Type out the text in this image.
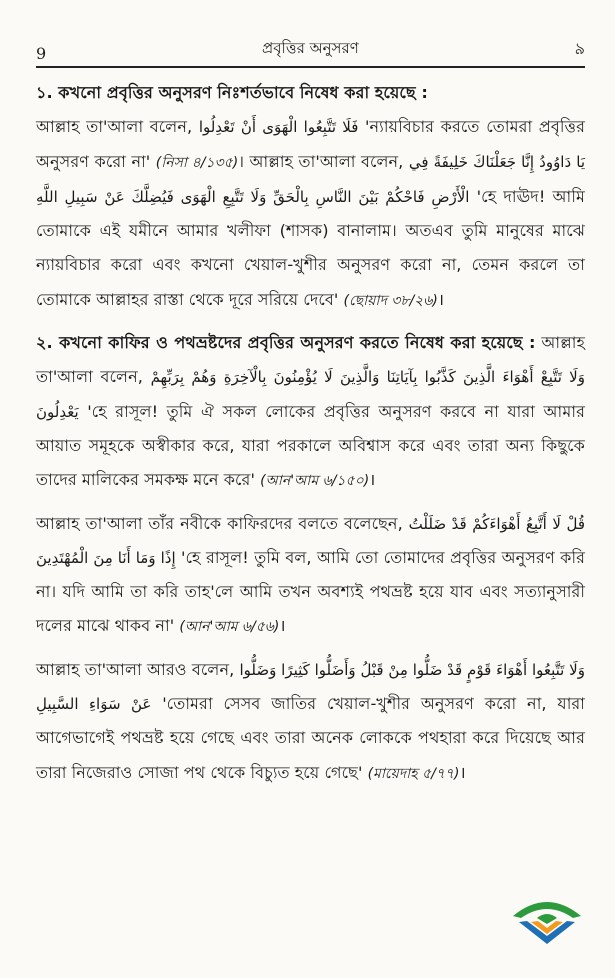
9	প্রবৃত্তির অনুসরণ	৯
১. কখনো প্রবৃত্তির অনুসরণ নিঃশর্তভাবে নিষেধ করা হয়েছে :

আল্লাহ তা'আলা বলেন, فَلَا تَتَّبِعُوا الْهَوَى أَنْ تَعْدِلُوا 'ন্যায়বিচার করতে তোমরা প্রবৃত্তির অনুসরণ করো না' (নিসা ৪/১৩৫)। আল্লাহ তা'আলা বলেন, يَا دَاوُودُ إِنَّا جَعَلْنَاكَ خَلِيفَةً فِي الْأَرْضِ فَاحْكُمْ بَيْنَ النَّاسِ بِالْحَقِّ وَلَا تَتَّبِعِ الْهَوَى فَيُضِلَّكَ عَنْ سَبِيلِ اللَّهِ 'হে দাঊদ! আমি তোমাকে এই যমীনে আমার খলীফা (শাসক) বানালাম। অতএব তুমি মানুষের মাঝে ন্যায়বিচার করো এবং কখনো খেয়াল-খুশীর অনুসরণ করো না, তেমন করলে তা তোমাকে আল্লাহর রাস্তা থেকে দূরে সরিয়ে দেবে' (ছোয়াদ ৩৮/২৬)।

২. কখনো কাফির ও পথভ্রষ্টদের প্রবৃত্তির অনুসরণ করতে নিষেধ করা হয়েছে : আল্লাহ তা'আলা বলেন, وَلَا تَتَّبِعْ أَهْوَاءَ الَّذِينَ كَذَّبُوا بِآيَاتِنَا وَالَّذِينَ لَا يُؤْمِنُونَ بِالْآخِرَةِ وَهُمْ بِرَبِّهِمْ يَعْدِلُونَ 'হে রাসূল! তুমি ঐ সকল লোকের প্রবৃত্তির অনুসরণ করবে না যারা আমার আয়াত সমূহকে অস্বীকার করে, যারা পরকালে অবিশ্বাস করে এবং তারা অন্য কিছুকে তাদের মালিকের সমকক্ষ মনে করে' (আন'আম ৬/১৫০)।

আল্লাহ তা'আলা তাঁর নবীকে কাফিরদের বলতে বলেছেন, قُلْ لَا أَتَّبِعُ أَهْوَاءَكُمْ قَدْ ضَلَلْتُ إِذًا وَمَا أَنَا مِنَ الْمُهْتَدِينَ 'হে রাসূল! তুমি বল, আমি তো তোমাদের প্রবৃত্তির অনুসরণ করি না। যদি আমি তা করি তাহ'লে আমি তখন অবশ্যই পথভ্রষ্ট হয়ে যাব এবং সত্যানুসারী দলের মাঝে থাকব না' (আন'আম ৬/৫৬)।

আল্লাহ তা'আলা আরও বলেন, وَلَا تَتَّبِعُوا أَهْوَاءَ قَوْمٍ قَدْ ضَلُّوا مِنْ قَبْلُ وَأَضَلُّوا كَثِيرًا وَضَلُّوا عَنْ سَوَاءِ السَّبِيلِ 'তোমরা সেসব জাতির খেয়াল-খুশীর অনুসরণ করো না, যারা আগেভাগেই পথভ্রষ্ট হয়ে গেছে এবং তারা অনেক লোককে পথহারা করে দিয়েছে আর তারা নিজেরাও সোজা পথ থেকে বিচ্যুত হয়ে গেছে' (মায়েদাহ ৫/৭৭)।
